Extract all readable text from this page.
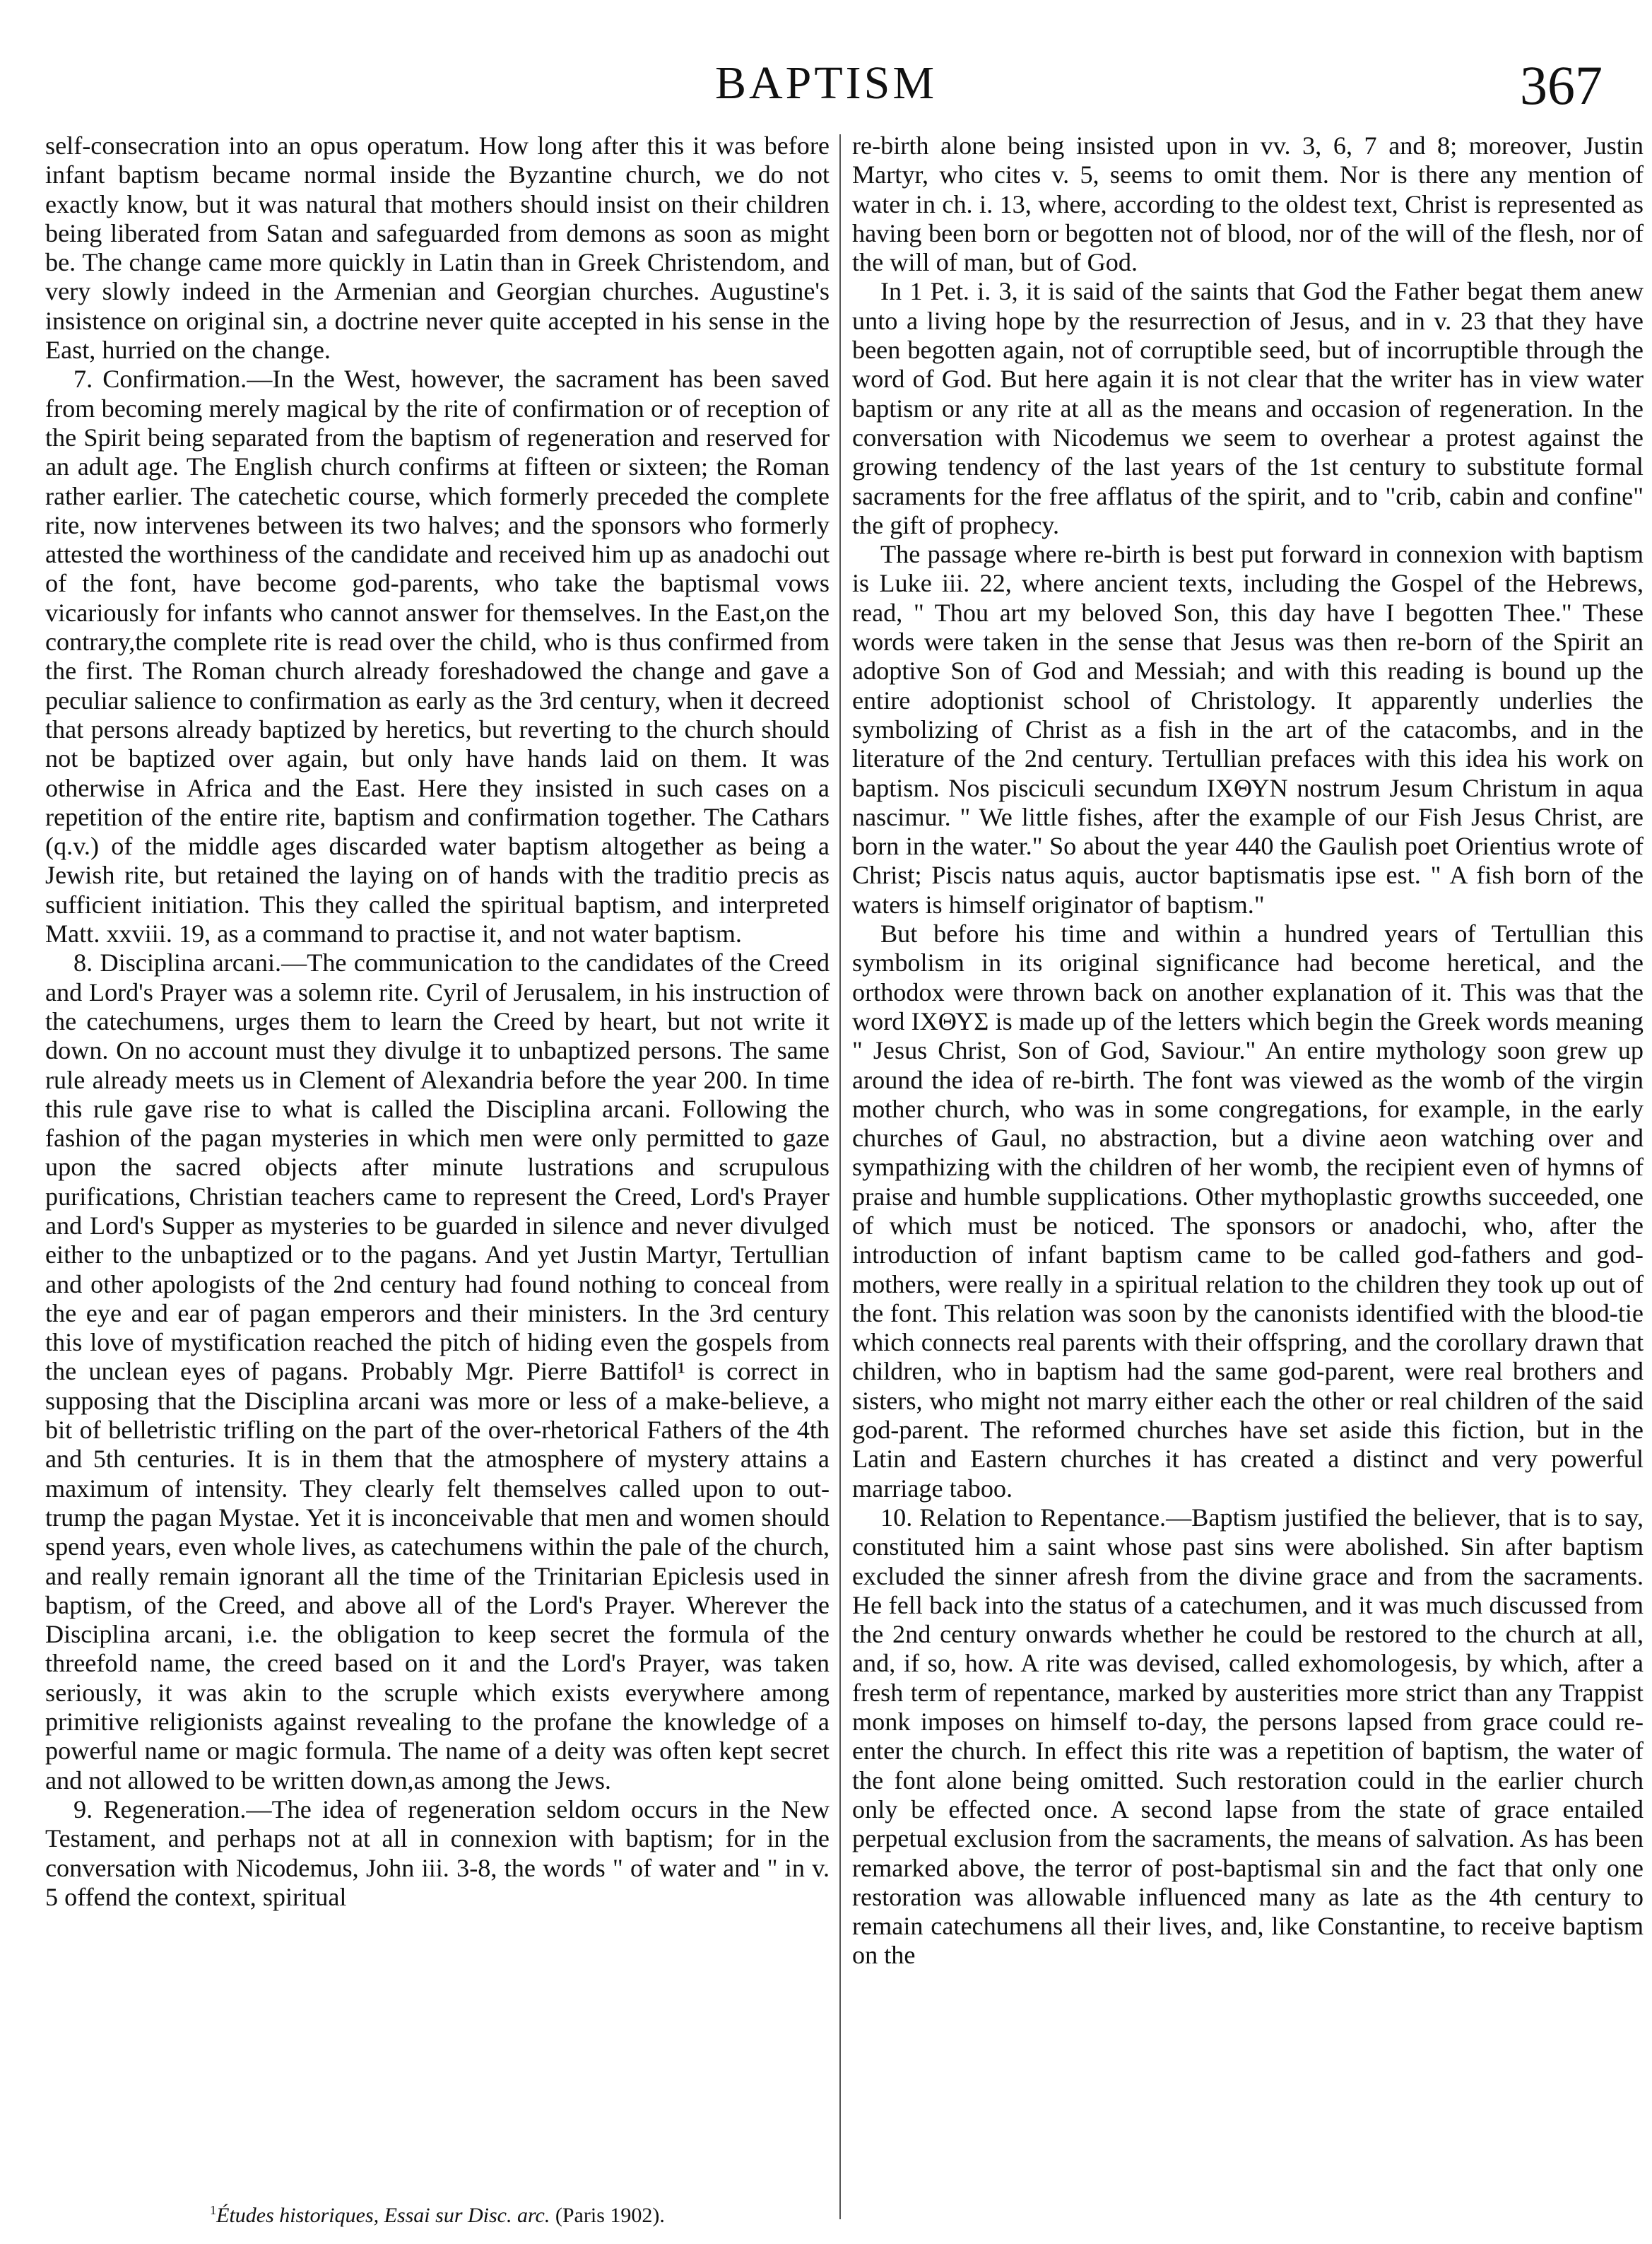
BAPTISM	367

self-consecration into an opus operatum. How long after this it was before infant baptism became normal inside the Byzantine church, we do not exactly know, but it was natural that mothers should insist on their children being liberated from Satan and safeguarded from demons as soon as might be. The change came more quickly in Latin than in Greek Christendom, and very slowly indeed in the Armenian and Georgian churches. Augustine's insistence on original sin, a doctrine never quite accepted in his sense in the East, hurried on the change.

7. Confirmation.—In the West, however, the sacrament has been saved from becoming merely magical by the rite of confirmation or of reception of the Spirit being separated from the baptism of regeneration and reserved for an adult age. The English church confirms at fifteen or sixteen; the Roman rather earlier. The catechetic course, which formerly preceded the complete rite, now intervenes between its two halves; and the sponsors who formerly attested the worthiness of the candidate and received him up as anadochi out of the font, have become god-parents, who take the baptismal vows vicariously for infants who cannot answer for themselves. In the East,on the contrary,the complete rite is read over the child, who is thus confirmed from the first. The Roman church already foreshadowed the change and gave a peculiar salience to confirmation as early as the 3rd century, when it decreed that persons already baptized by heretics, but reverting to the church should not be baptized over again, but only have hands laid on them. It was otherwise in Africa and the East. Here they insisted in such cases on a repetition of the entire rite, baptism and confirmation together. The Cathars (q.v.) of the middle ages discarded water baptism altogether as being a Jewish rite, but retained the laying on of hands with the traditio precis as sufficient initiation. This they called the spiritual baptism, and interpreted Matt. xxviii. 19, as a command to practise it, and not water baptism.

8. Disciplina arcani.—The communication to the candidates of the Creed and Lord's Prayer was a solemn rite. Cyril of Jerusalem, in his instruction of the catechumens, urges them to learn the Creed by heart, but not write it down. On no account must they divulge it to unbaptized persons. The same rule already meets us in Clement of Alexandria before the year 200. In time this rule gave rise to what is called the Disciplina arcani. Following the fashion of the pagan mysteries in which men were only permitted to gaze upon the sacred objects after minute lustrations and scrupulous purifications, Christian teachers came to represent the Creed, Lord's Prayer and Lord's Supper as mysteries to be guarded in silence and never divulged either to the unbaptized or to the pagans. And yet Justin Martyr, Tertullian and other apologists of the 2nd century had found nothing to conceal from the eye and ear of pagan emperors and their ministers. In the 3rd century this love of mystification reached the pitch of hiding even the gospels from the unclean eyes of pagans. Probably Mgr. Pierre Battifol¹ is correct in supposing that the Disciplina arcani was more or less of a make-believe, a bit of belletristic trifling on the part of the over-rhetorical Fathers of the 4th and 5th centuries. It is in them that the atmosphere of mystery attains a maximum of intensity. They clearly felt themselves called upon to out-trump the pagan Mystae. Yet it is inconceivable that men and women should spend years, even whole lives, as catechumens within the pale of the church, and really remain ignorant all the time of the Trinitarian Epiclesis used in baptism, of the Creed, and above all of the Lord's Prayer. Wherever the Disciplina arcani, i.e. the obligation to keep secret the formula of the threefold name, the creed based on it and the Lord's Prayer, was taken seriously, it was akin to the scruple which exists everywhere among primitive religionists against revealing to the profane the knowledge of a powerful name or magic formula. The name of a deity was often kept secret and not allowed to be written down,as among the Jews.

9. Regeneration.—The idea of regeneration seldom occurs in the New Testament, and perhaps not at all in connexion with baptism; for in the conversation with Nicodemus, John iii. 3-8, the words " of water and " in v. 5 offend the context, spiritual

re-birth alone being insisted upon in vv. 3, 6, 7 and 8; moreover, Justin Martyr, who cites v. 5, seems to omit them. Nor is there any mention of water in ch. i. 13, where, according to the oldest text, Christ is represented as having been born or begotten not of blood, nor of the will of the flesh, nor of the will of man, but of God.

In 1 Pet. i. 3, it is said of the saints that God the Father begat them anew unto a living hope by the resurrection of Jesus, and in v. 23 that they have been begotten again, not of corruptible seed, but of incorruptible through the word of God. But here again it is not clear that the writer has in view water baptism or any rite at all as the means and occasion of regeneration. In the conversation with Nicodemus we seem to overhear a protest against the growing tendency of the last years of the 1st century to substitute formal sacraments for the free afflatus of the spirit, and to "crib, cabin and confine" the gift of prophecy.

The passage where re-birth is best put forward in connexion with baptism is Luke iii. 22, where ancient texts, including the Gospel of the Hebrews, read, " Thou art my beloved Son, this day have I begotten Thee." These words were taken in the sense that Jesus was then re-born of the Spirit an adoptive Son of God and Messiah; and with this reading is bound up the entire adoptionist school of Christology. It apparently underlies the symbolizing of Christ as a fish in the art of the catacombs, and in the literature of the 2nd century. Tertullian prefaces with this idea his work on baptism. Nos pisciculi secundum ΙΧΘΥΝ nostrum Jesum Christum in aqua nascimur. " We little fishes, after the example of our Fish Jesus Christ, are born in the water." So about the year 440 the Gaulish poet Orientius wrote of Christ; Piscis natus aquis, auctor baptismatis ipse est. " A fish born of the waters is himself originator of baptism."

But before his time and within a hundred years of Tertullian this symbolism in its original significance had become heretical, and the orthodox were thrown back on another explanation of it. This was that the word ΙΧΘΥΣ is made up of the letters which begin the Greek words meaning " Jesus Christ, Son of God, Saviour." An entire mythology soon grew up around the idea of re-birth. The font was viewed as the womb of the virgin mother church, who was in some congregations, for example, in the early churches of Gaul, no abstraction, but a divine aeon watching over and sympathizing with the children of her womb, the recipient even of hymns of praise and humble supplications. Other mythoplastic growths succeeded, one of which must be noticed. The sponsors or anadochi, who, after the introduction of infant baptism came to be called god-fathers and god-mothers, were really in a spiritual relation to the children they took up out of the font. This relation was soon by the canonists identified with the blood-tie which connects real parents with their offspring, and the corollary drawn that children, who in baptism had the same god-parent, were real brothers and sisters, who might not marry either each the other or real children of the said god-parent. The reformed churches have set aside this fiction, but in the Latin and Eastern churches it has created a distinct and very powerful marriage taboo.

10. Relation to Repentance.—Baptism justified the believer, that is to say, constituted him a saint whose past sins were abolished. Sin after baptism excluded the sinner afresh from the divine grace and from the sacraments. He fell back into the status of a catechumen, and it was much discussed from the 2nd century onwards whether he could be restored to the church at all, and, if so, how. A rite was devised, called exhomologesis, by which, after a fresh term of repentance, marked by austerities more strict than any Trappist monk imposes on himself to-day, the persons lapsed from grace could re-enter the church. In effect this rite was a repetition of baptism, the water of the font alone being omitted. Such restoration could in the earlier church only be effected once. A second lapse from the state of grace entailed perpetual exclusion from the sacraments, the means of salvation. As has been remarked above, the terror of post-baptismal sin and the fact that only one restoration was allowable influenced many as late as the 4th century to remain catechumens all their lives, and, like Constantine, to receive baptism on the

$^1$Études historiques, Essai sur Disc. arc. (Paris 1902).
